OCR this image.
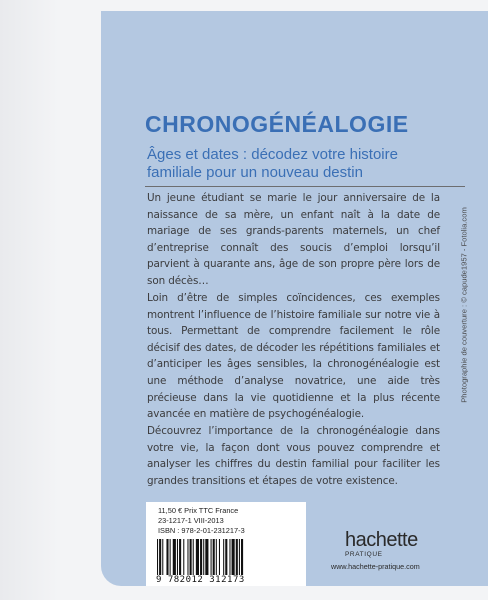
CHRONOGÉNÉALOGIE
Âges et dates : décodez votre histoire
familiale pour un nouveau destin

Un jeune étudiant se marie le jour anniversaire de la naissance de sa mère, un enfant naît à la date de mariage de ses grands-parents maternels, un chef d’entreprise connaît des soucis d’emploi lorsqu’il parvient à quarante ans, âge de son propre père lors de son décès…

Loin d’être de simples coïncidences, ces exemples montrent l’influence de l’histoire familiale sur notre vie à tous. Permettant de comprendre facilement le rôle décisif des dates, de décoder les répétitions familiales et d’anticiper les âges sensibles, la chronogénéalogie est une méthode d’analyse novatrice, une aide très précieuse dans la vie quotidienne et la plus récente avancée en matière de psychogénéalogie.

Découvrez l’importance de la chronogénéalogie dans votre vie, la façon dont vous pouvez comprendre et analyser les chiffres du destin familial pour faciliter les grandes transitions et étapes de votre existence.

Photographie de couverture : © capude1957 - Fotolia.com
11,50 € Prix TTC France
23-1217-1 VIII-2013
ISBN : 978-2-01-231217-3
9 782012 312173
hachette
PRATIQUE
www.hachette-pratique.com
